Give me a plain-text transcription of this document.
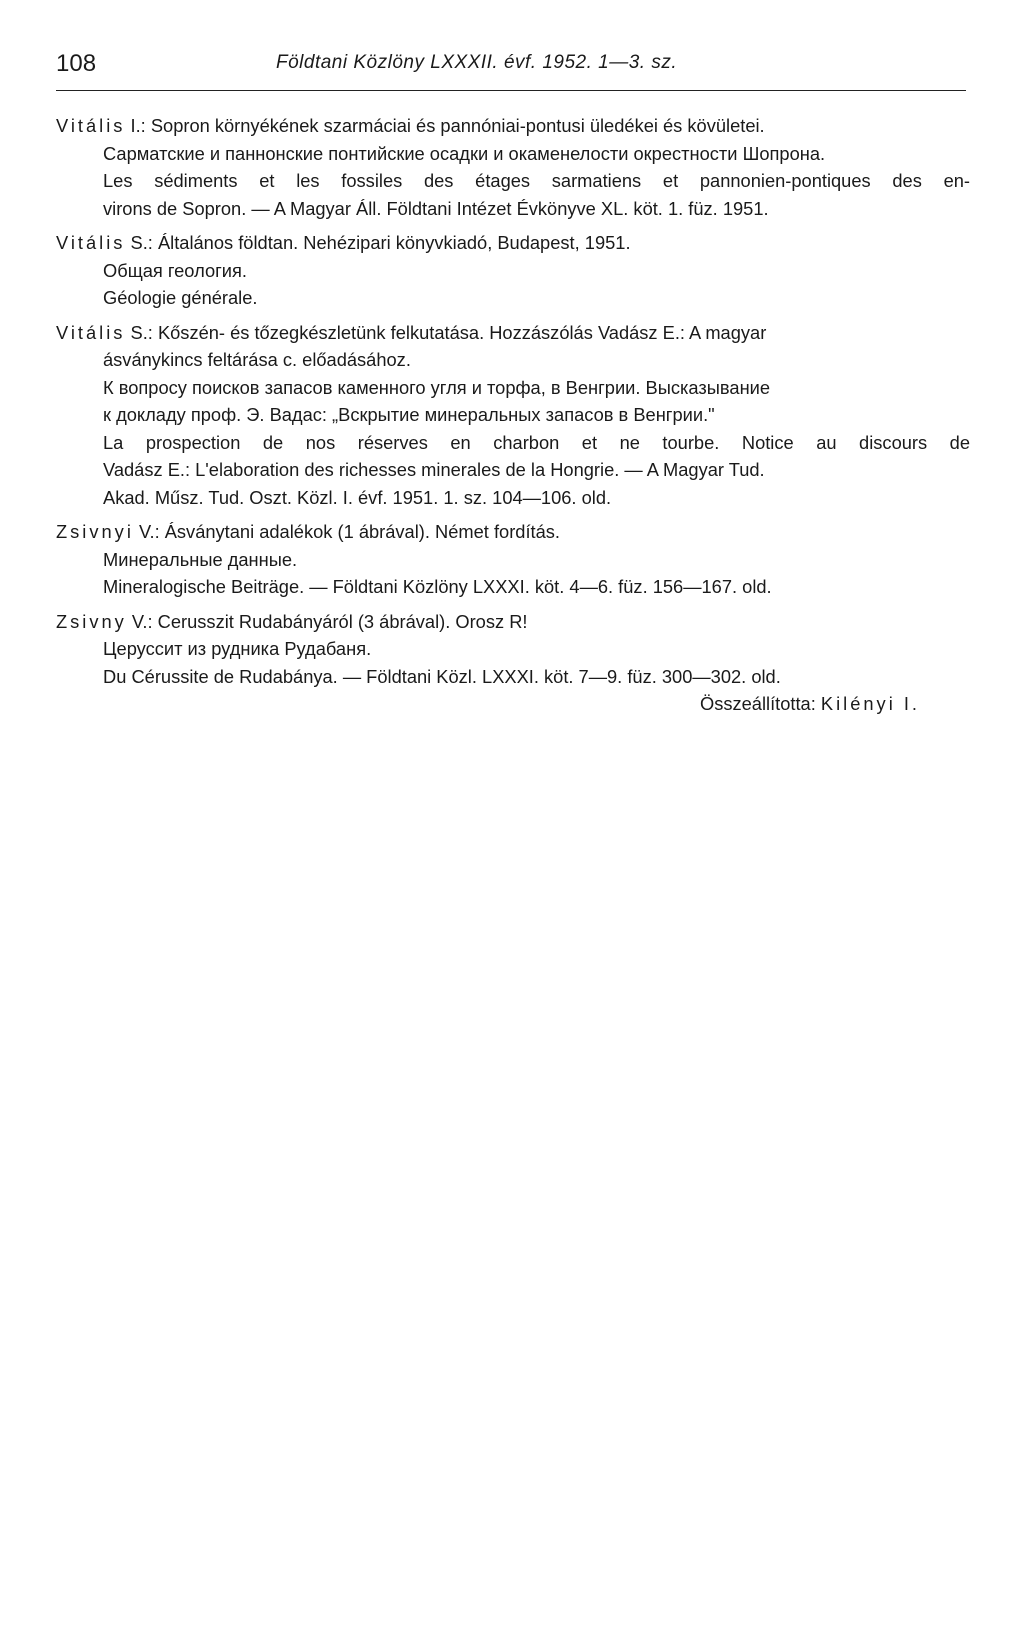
108	Földtani Közlöny LXXXII. évf. 1952. 1—3. sz.
Vitális I.: Sopron környékének szarmáciai és pannóniai-pontusi üledékei és kövületei.
Сарматские и паннонские понтийские осадки и окаменелости окрестности Шопрона.
Les sédiments et les fossiles des étages sarmatiens et pannonien-pontiques des en-
virons de Sopron. — A Magyar Áll. Földtani Intézet Évkönyve XL. köt. 1. füz. 1951.
Vitális S.: Általános földtan. Nehézipari könyvkiadó, Budapest, 1951.
Общая геология.
Géologie générale.
Vitális S.: Kőszén- és tőzegkészletünk felkutatása. Hozzászólás Vadász E.: A magyar
ásványkincs feltárása c. előadásához.
К вопросу поисков запасов каменного угля и торфа, в Венгрии. Высказывание
к докладу проф. Э. Вадас: „Вскрытие минеральных запасов в Венгрии."
La prospection de nos réserves en charbon et ne tourbe. Notice au discours de
Vadász E.: L'elaboration des richesses minerales de la Hongrie. — A Magyar Tud.
Akad. Műsz. Tud. Oszt. Közl. I. évf. 1951. 1. sz. 104—106. old.
Zsivnyi V.: Ásványtani adalékok (1 ábrával). Német fordítás.
Минеральные данные.
Mineralogische Beiträge. — Földtani Közlöny LXXXI. köt. 4—6. füz. 156—167. old.
Zsivny V.: Cerusszit Rudabányáról (3 ábrával). Orosz R!
Церуссит из рудника Рудабаня.
Du Cérussite de Rudabánya. — Földtani Közl. LXXXI. köt. 7—9. füz. 300—302. old.
Összeállította: Kilényi I.
